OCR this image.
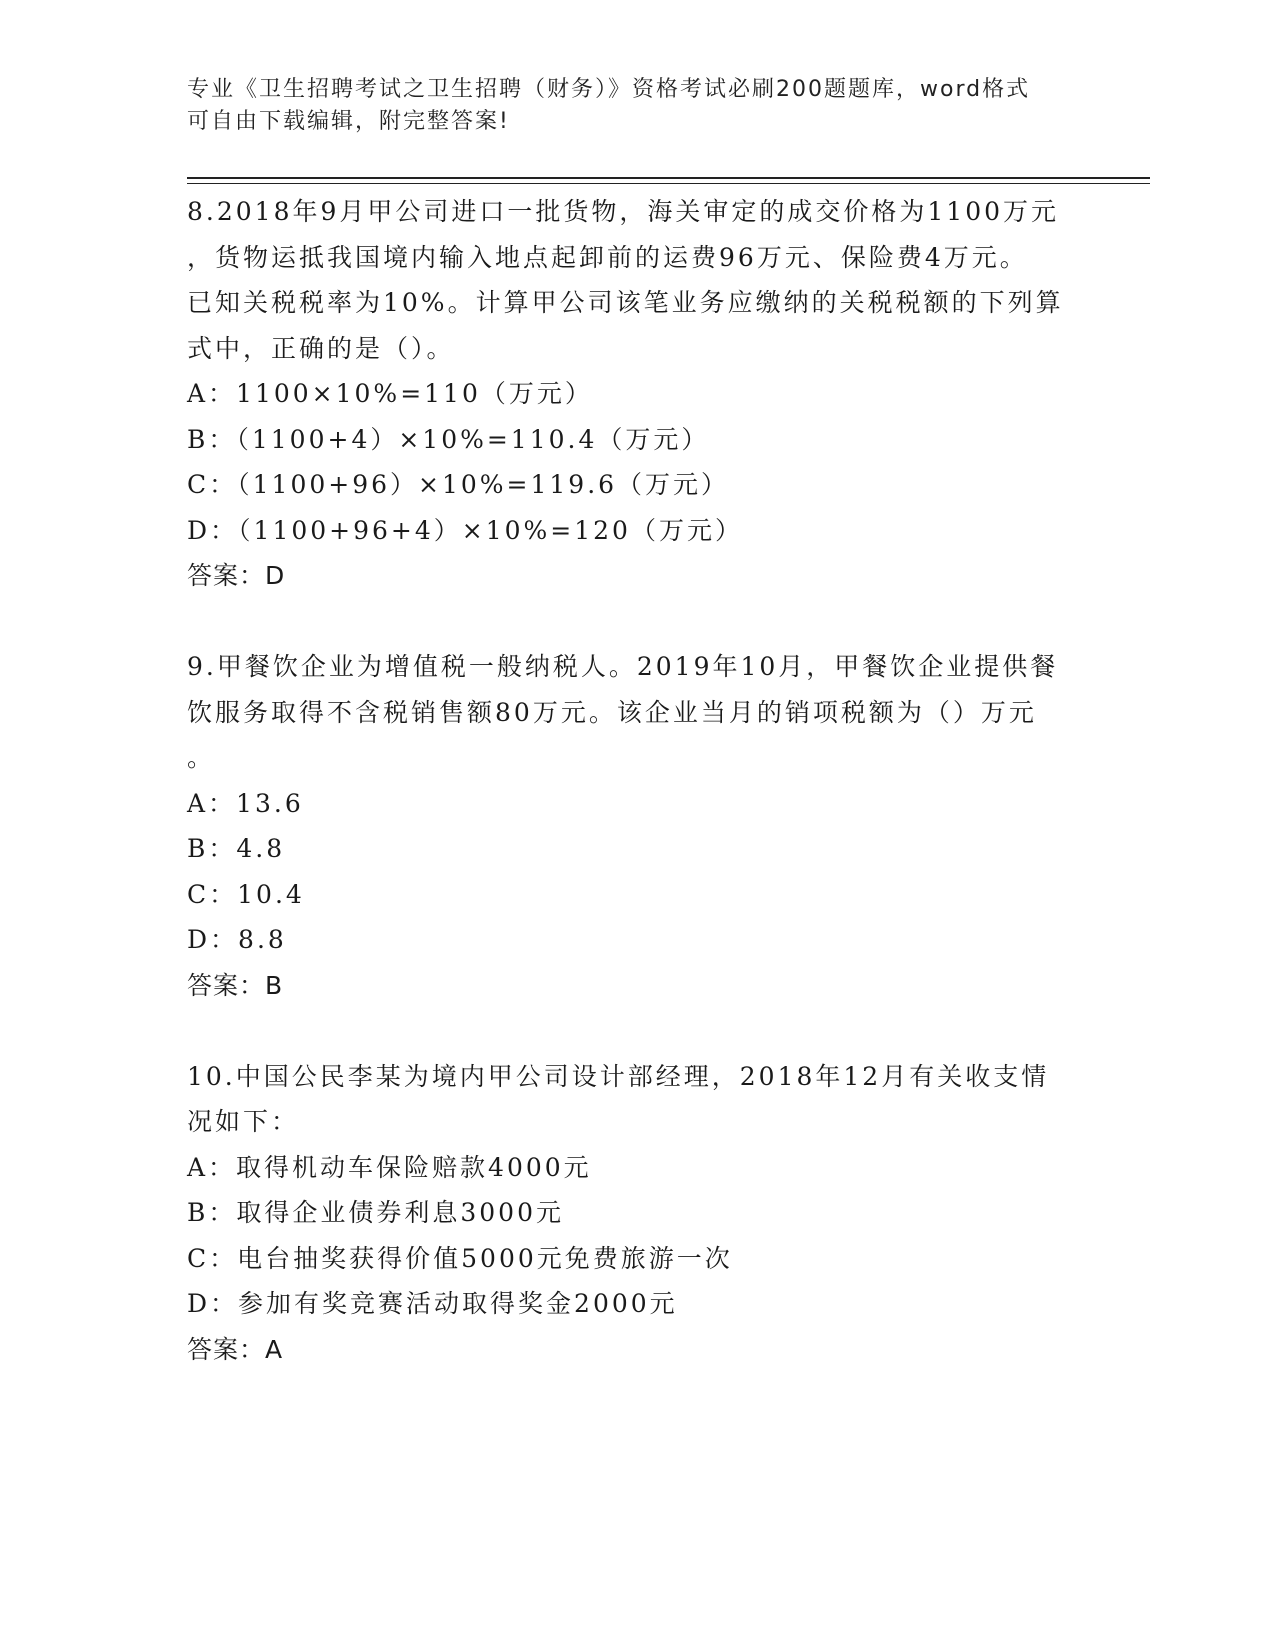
专业《卫生招聘考试之卫生招聘（财务）》资格考试必刷200题题库，word格式
可自由下载编辑，附完整答案!
8.2018年9月甲公司进口一批货物，海关审定的成交价格为1100万元
，货物运抵我国境内输入地点起卸前的运费96万元、保险费4万元。
已知关税税率为10%。计算甲公司该笔业务应缴纳的关税税额的下列算
式中，正确的是（）。
A：1100×10%=110（万元）
B：（1100+4）×10%=110.4（万元）
C：（1100+96）×10%=119.6（万元）
D：（1100+96+4）×10%=120（万元）
答案：D
9.甲餐饮企业为增值税一般纳税人。2019年10月，甲餐饮企业提供餐
饮服务取得不含税销售额80万元。该企业当月的销项税额为（）万元
。
A：13.6
B：4.8
C：10.4
D：8.8
答案：B
10.中国公民李某为境内甲公司设计部经理，2018年12月有关收支情
况如下：
A：取得机动车保险赔款4000元
B：取得企业债券利息3000元
C：电台抽奖获得价值5000元免费旅游一次
D：参加有奖竞赛活动取得奖金2000元
答案：A
